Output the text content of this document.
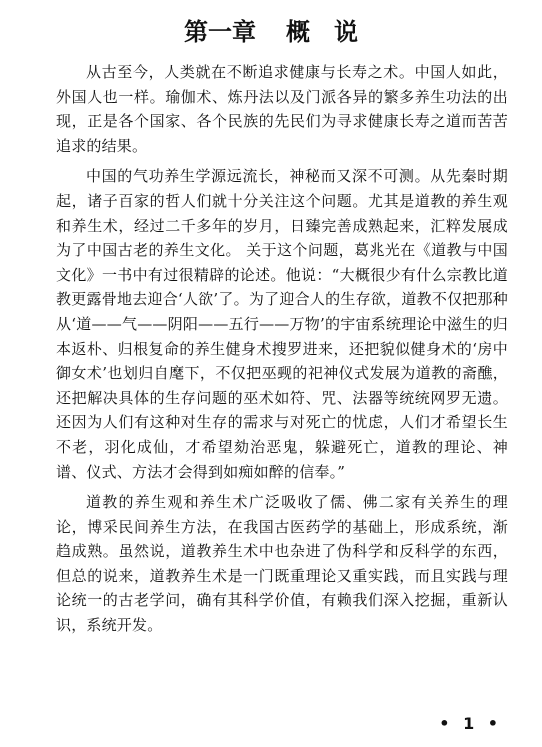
第一章 概　说

从古至今，人类就在不断追求健康与长寿之术。中国人如此，外国人也一样。瑜伽术、炼丹法以及门派各异的繁多养生功法的出现，正是各个国家、各个民族的先民们为寻求健康长寿之道而苦苦追求的结果。

中国的气功养生学源远流长，神秘而又深不可测。从先秦时期起，诸子百家的哲人们就十分关注这个问题。尤其是道教的养生观和养生术，经过二千多年的岁月，日臻完善成熟起来，汇粹发展成为了中国古老的养生文化。 关于这个问题，葛兆光在《道教与中国文化》一书中有过很精辟的论述。他说：“大概很少有什么宗教比道教更露骨地去迎合‘人欲’了。为了迎合人的生存欲，道教不仅把那种从‘道——气——阴阳——五行——万物’的宇宙系统理论中滋生的归本返朴、归根复命的养生健身术搜罗进来，还把貌似健身术的‘房中御女术’也划归自麾下，不仅把巫觋的祀神仪式发展为道教的斋醮，还把解决具体的生存问题的巫术如符、咒、法器等统统网罗无遗。还因为人们有这种对生存的需求与对死亡的忧虑，人们才希望长生不老，羽化成仙，才希望劾治恶鬼，躲避死亡，道教的理论、神谱、仪式、方法才会得到如痴如醉的信奉。”

道教的养生观和养生术广泛吸收了儒、佛二家有关养生的理论，博采民间养生方法，在我国古医药学的基础上，形成系统，渐趋成熟。虽然说，道教养生术中也杂进了伪科学和反科学的东西，但总的说来，道教养生术是一门既重理论又重实践，而且实践与理论统一的古老学问，确有其科学价值，有赖我们深入挖掘，重新认识，系统开发。

• 1 •
